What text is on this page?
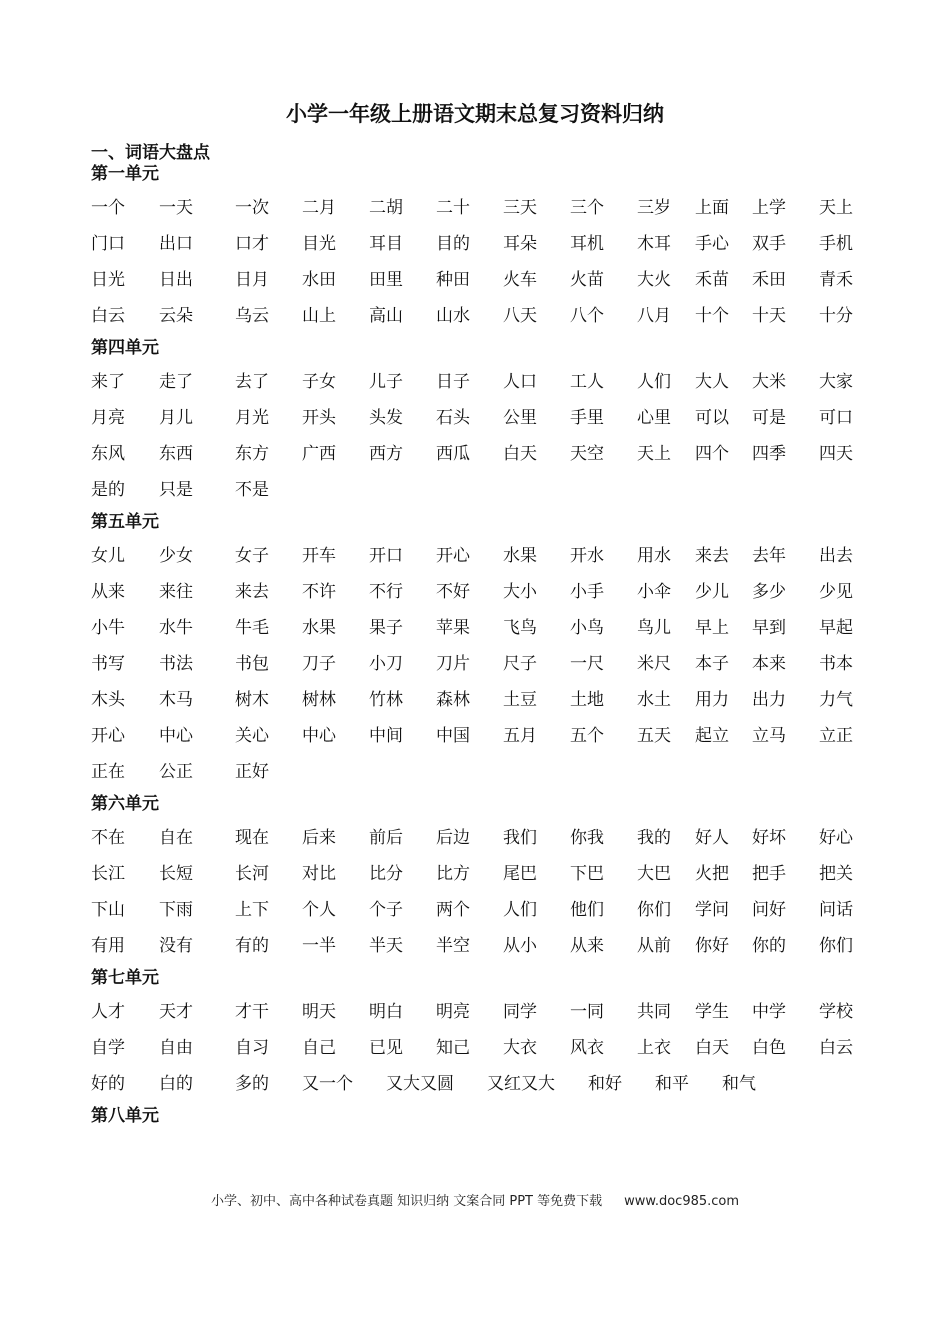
小学一年级上册语文期末总复习资料归纳
一、词语大盘点
第一单元
一个 一天 一次 二月 二胡 二十 三天 三个 三岁 上面 上学 天上
门口 出口 口才 目光 耳目 目的 耳朵 耳机 木耳 手心 双手 手机
日光 日出 日月 水田 田里 种田 火车 火苗 大火 禾苗 禾田 青禾
白云 云朵 乌云 山上 高山 山水 八天 八个 八月 十个 十天 十分
第四单元
来了 走了 去了 子女 儿子 日子 人口 工人 人们 大人 大米 大家
月亮 月儿 月光 开头 头发 石头 公里 手里 心里 可以 可是 可口
东风 东西 东方 广西 西方 西瓜 白天 天空 天上 四个 四季 四天
是的 只是 不是
第五单元
女儿 少女 女子 开车 开口 开心 水果 开水 用水 来去 去年 出去
从来 来往 来去 不许 不行 不好 大小 小手 小伞 少儿 多少 少见
小牛 水牛 牛毛 水果 果子 苹果 飞鸟 小鸟 鸟儿 早上 早到 早起
书写 书法 书包 刀子 小刀 刀片 尺子 一尺 米尺 本子 本来 书本
木头 木马 树木 树林 竹林 森林 土豆 土地 水土 用力 出力 力气
开心 中心 关心 中心 中间 中国 五月 五个 五天 起立 立马 立正
正在 公正 正好
第六单元
不在 自在 现在 后来 前后 后边 我们 你我 我的 好人 好坏 好心
长江 长短 长河 对比 比分 比方 尾巴 下巴 大巴 火把 把手 把关
下山 下雨 上下 个人 个子 两个 人们 他们 你们 学问 问好 问话
有用 没有 有的 一半 半天 半空 从小 从来 从前 你好 你的 你们
第七单元
人才 天才 才干 明天 明白 明亮 同学 一同 共同 学生 中学 学校
自学 自由 自习 自己 已见 知己 大衣 风衣 上衣 白天 白色 白云
好的 白的 多的 又一个 又大又圆 又红又大 和好 和平 和气
第八单元
小学、初中、高中各种试卷真题 知识归纳 文案合同 PPT 等免费下载 www.doc985.com
